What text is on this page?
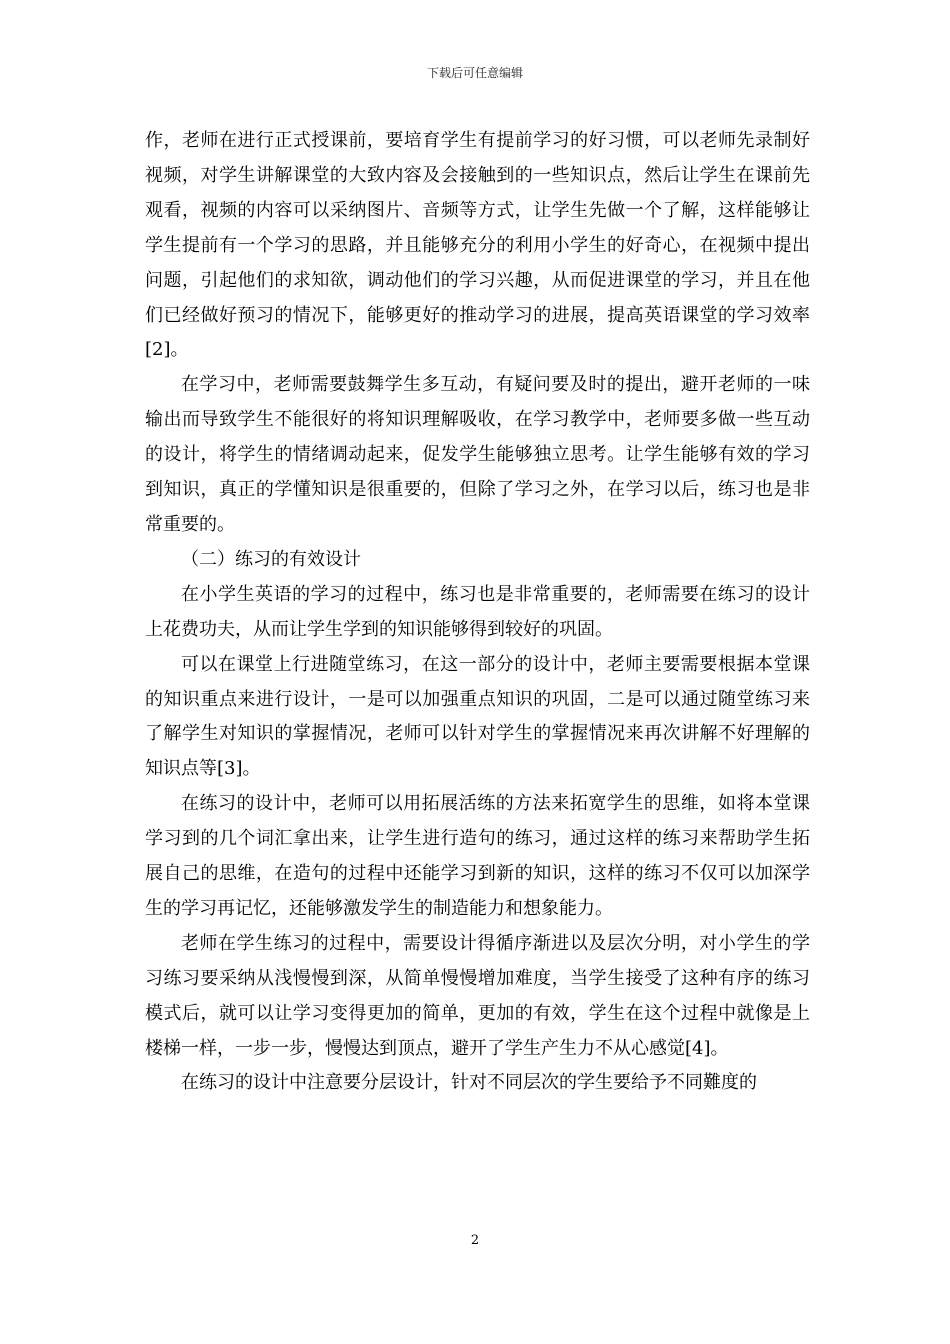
下载后可任意编辑

作，老师在进行正式授课前，要培育学生有提前学习的好习惯，可以老师先录制好视频，对学生讲解课堂的大致内容及会接触到的一些知识点，然后让学生在课前先观看，视频的内容可以采纳图片、音频等方式，让学生先做一个了解，这样能够让学生提前有一个学习的思路，并且能够充分的利用小学生的好奇心，在视频中提出问题，引起他们的求知欲，调动他们的学习兴趣，从而促进课堂的学习，并且在他们已经做好预习的情况下，能够更好的推动学习的进展，提高英语课堂的学习效率[2]。

在学习中，老师需要鼓舞学生多互动，有疑问要及时的提出，避开老师的一味输出而导致学生不能很好的将知识理解吸收，在学习教学中，老师要多做一些互动的设计，将学生的情绪调动起来，促发学生能够独立思考。让学生能够有效的学习到知识，真正的学懂知识是很重要的，但除了学习之外，在学习以后，练习也是非常重要的。

（二）练习的有效设计

在小学生英语的学习的过程中，练习也是非常重要的，老师需要在练习的设计上花费功夫，从而让学生学到的知识能够得到较好的巩固。

可以在课堂上行进随堂练习，在这一部分的设计中，老师主要需要根据本堂课的知识重点来进行设计，一是可以加强重点知识的巩固，二是可以通过随堂练习来了解学生对知识的掌握情况，老师可以针对学生的掌握情况来再次讲解不好理解的知识点等[3]。

在练习的设计中，老师可以用拓展活练的方法来拓宽学生的思维，如将本堂课学习到的几个词汇拿出来，让学生进行造句的练习，通过这样的练习来帮助学生拓展自己的思维，在造句的过程中还能学习到新的知识，这样的练习不仅可以加深学生的学习再记忆，还能够激发学生的制造能力和想象能力。

老师在学生练习的过程中，需要设计得循序渐进以及层次分明，对小学生的学习练习要采纳从浅慢慢到深，从简单慢慢增加难度，当学生接受了这种有序的练习模式后，就可以让学习变得更加的简单，更加的有效，学生在这个过程中就像是上楼梯一样，一步一步，慢慢达到顶点，避开了学生产生力不从心感觉[4]。

在练习的设计中注意要分层设计，针对不同层次的学生要给予不同難度的

2
